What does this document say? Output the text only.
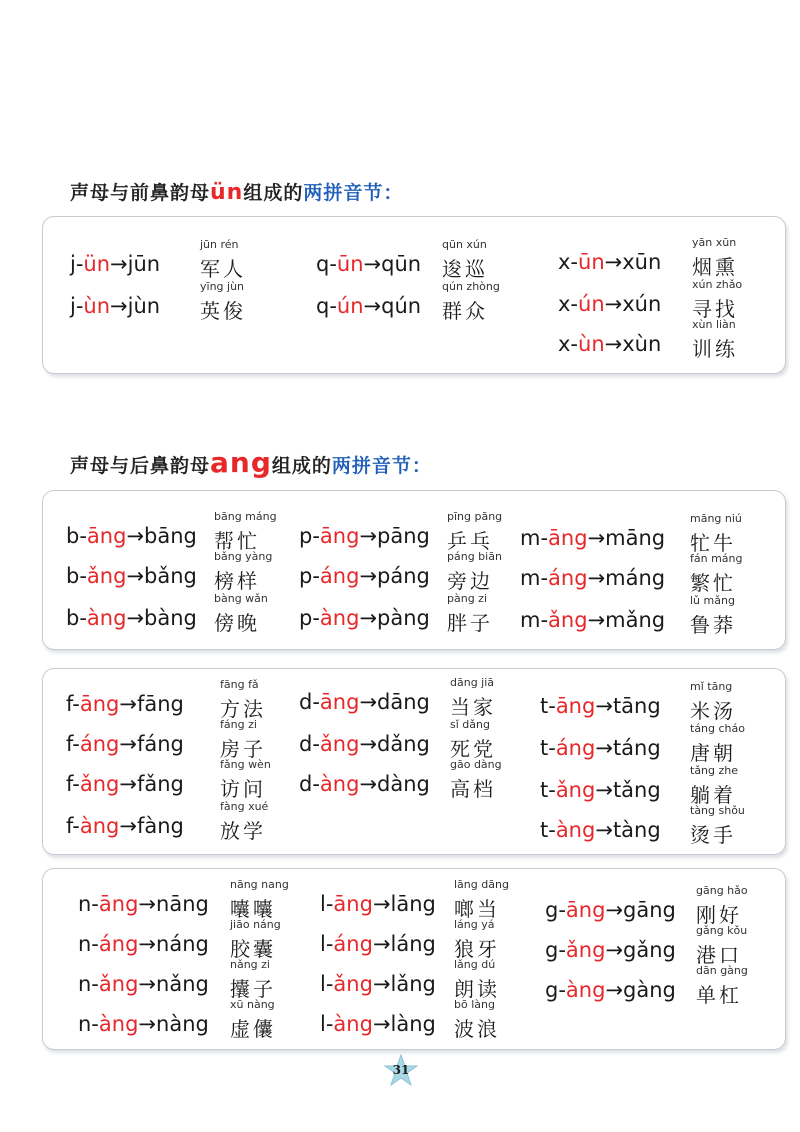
声母与前鼻韵母ün组成的两拼音节：
声母与后鼻韵母ang组成的两拼音节：
j-ün→jūn
jūn rén
军人
j-ùn→jùn
yīng jùn
英俊
q-ūn→qūn
qūn xún
逡巡
q-ún→qún
qún zhòng
群众
x-ūn→xūn
yān xūn
烟熏
x-ún→xún
xún zhǎo
寻找
x-ùn→xùn
xùn liàn
训练
b-āng→bāng
bāng máng
帮忙
b-ǎng→bǎng
bǎng yàng
榜样
b-àng→bàng
bàng wǎn
傍晚
p-āng→pāng
pīng pāng
乒乓
p-áng→páng
páng biān
旁边
p-àng→pàng
pàng zi
胖子
m-āng→māng
māng niú
牤牛
m-áng→máng
fán máng
繁忙
m-ǎng→mǎng
lǔ mǎng
鲁莽
f-āng→fāng
fāng fǎ
方法
f-áng→fáng
fáng zi
房子
f-ǎng→fǎng
fǎng wèn
访问
f-àng→fàng
fàng xué
放学
d-āng→dāng
dāng jiā
当家
d-ǎng→dǎng
sǐ dǎng
死党
d-àng→dàng
gāo dàng
高档
t-āng→tāng
mǐ tāng
米汤
t-áng→táng
táng cháo
唐朝
t-ǎng→tǎng
tǎng zhe
躺着
t-àng→tàng
tàng shǒu
烫手
n-āng→nāng
nāng nang
囔囔
n-áng→náng
jiāo náng
胶囊
n-ǎng→nǎng
nǎng zi
攮子
n-àng→nàng
xū nàng
虚儾
l-āng→lāng
lāng dāng
啷当
l-áng→láng
láng yá
狼牙
l-ǎng→lǎng
lǎng dú
朗读
l-àng→làng
bō làng
波浪
g-āng→gāng
gāng hǎo
刚好
g-ǎng→gǎng
gǎng kǒu
港口
g-àng→gàng
dān gàng
单杠
31
